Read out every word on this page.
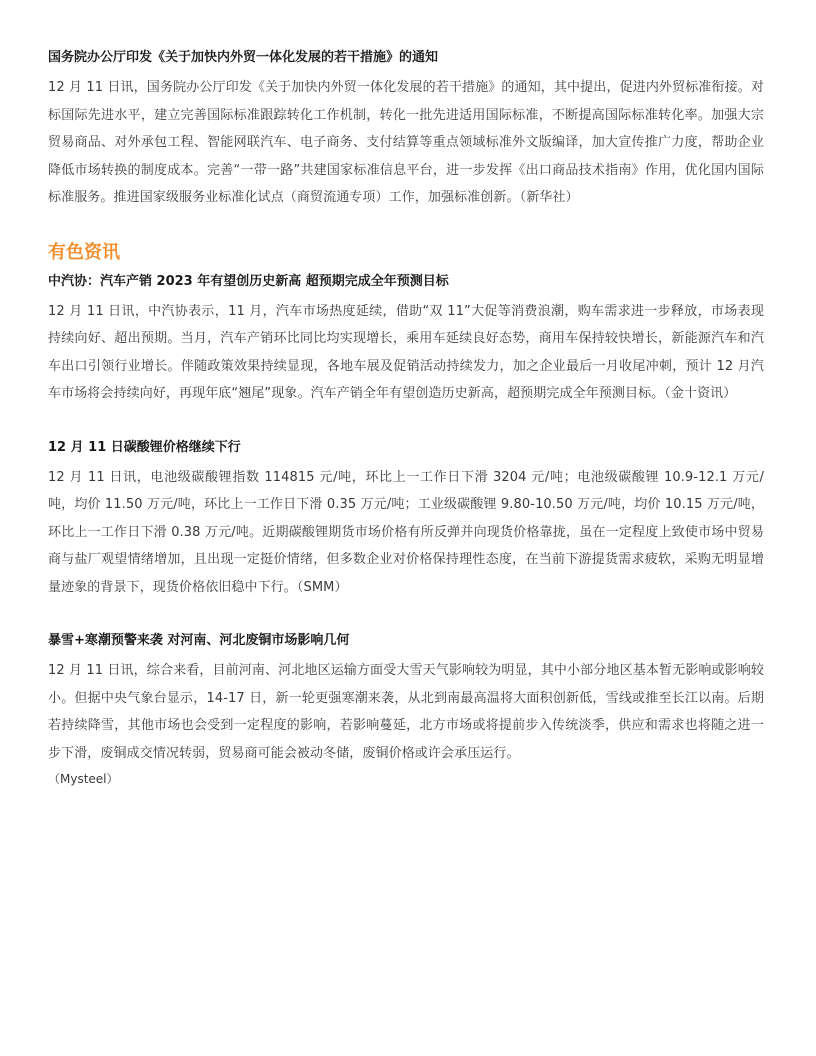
国务院办公厅印发《关于加快内外贸一体化发展的若干措施》的通知

12 月 11 日讯，国务院办公厅印发《关于加快内外贸一体化发展的若干措施》的通知，其中提出，促进内外贸标准衔接。对标国际先进水平，建立完善国际标准跟踪转化工作机制，转化一批先进适用国际标准，不断提高国际标准转化率。加强大宗贸易商品、对外承包工程、智能网联汽车、电子商务、支付结算等重点领域标准外文版编译，加大宣传推广力度，帮助企业降低市场转换的制度成本。完善“一带一路”共建国家标准信息平台，进一步发挥《出口商品技术指南》作用，优化国内国际标准服务。推进国家级服务业标准化试点（商贸流通专项）工作，加强标准创新。（新华社）

有色资讯
中汽协：汽车产销 2023 年有望创历史新高 超预期完成全年预测目标

12 月 11 日讯，中汽协表示，11 月，汽车市场热度延续，借助“双 11”大促等消费浪潮，购车需求进一步释放，市场表现持续向好、超出预期。当月，汽车产销环比同比均实现增长，乘用车延续良好态势，商用车保持较快增长，新能源汽车和汽车出口引领行业增长。伴随政策效果持续显现，各地车展及促销活动持续发力，加之企业最后一月收尾冲刺，预计 12 月汽车市场将会持续向好，再现年底“翘尾”现象。汽车产销全年有望创造历史新高，超预期完成全年预测目标。（金十资讯）

12 月 11 日碳酸锂价格继续下行

12 月 11 日讯，电池级碳酸锂指数 114815 元/吨，环比上一工作日下滑 3204 元/吨；电池级碳酸锂 10.9-12.1 万元/吨，均价 11.50 万元/吨，环比上一工作日下滑 0.35 万元/吨；工业级碳酸锂 9.80-10.50 万元/吨，均价 10.15 万元/吨，环比上一工作日下滑 0.38 万元/吨。近期碳酸锂期货市场价格有所反弹并向现货价格靠拢，虽在一定程度上致使市场中贸易商与盐厂观望情绪增加，且出现一定挺价情绪，但多数企业对价格保持理性态度，在当前下游提货需求疲软，采购无明显增量迹象的背景下，现货价格依旧稳中下行。（SMM）

暴雪+寒潮预警来袭 对河南、河北废铜市场影响几何

12 月 11 日讯，综合来看，目前河南、河北地区运输方面受大雪天气影响较为明显，其中小部分地区基本暂无影响或影响较小。但据中央气象台显示，14-17 日，新一轮更强寒潮来袭，从北到南最高温将大面积创新低，雪线或推至长江以南。后期若持续降雪，其他市场也会受到一定程度的影响，若影响蔓延，北方市场或将提前步入传统淡季，供应和需求也将随之进一步下滑，废铜成交情况转弱，贸易商可能会被动冬储，废铜价格或许会承压运行。

（Mysteel）
